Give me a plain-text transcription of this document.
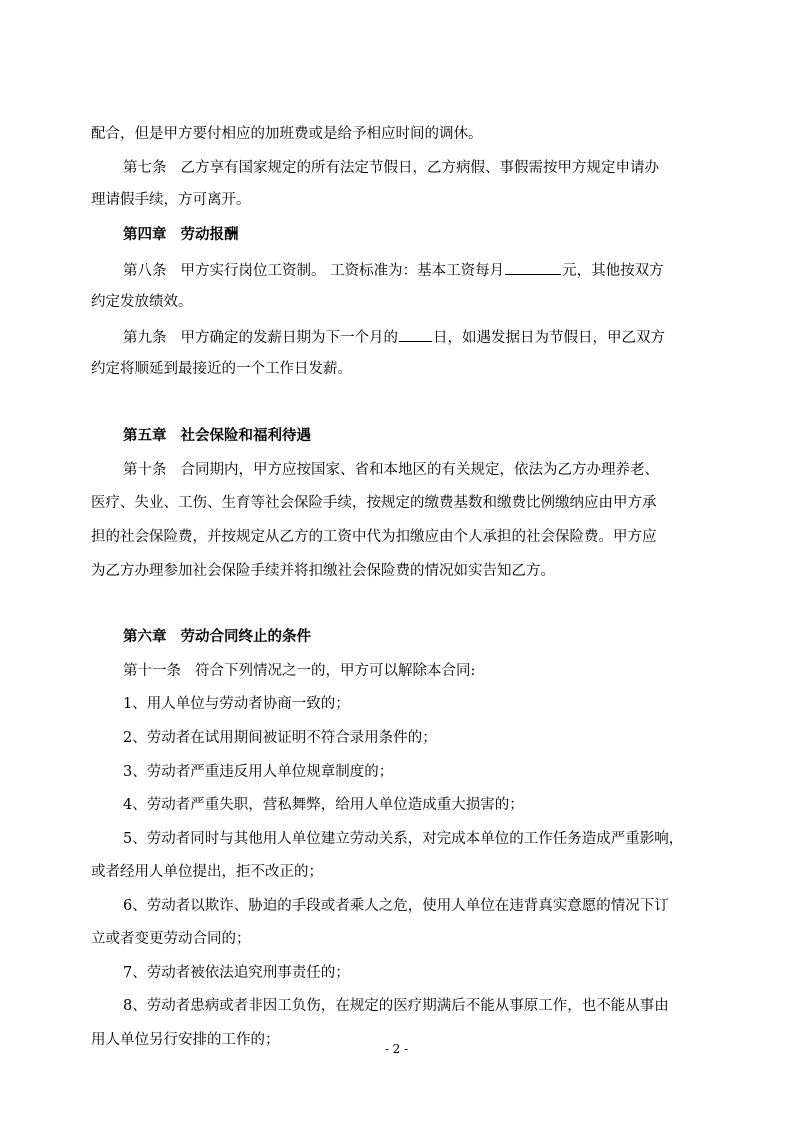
配合，但是甲方要付相应的加班费或是给予相应时间的调休。
第七条 乙方享有国家规定的所有法定节假日，乙方病假、事假需按甲方规定申请办
理请假手续，方可离开。
第四章 劳动报酬
第八条 甲方实行岗位工资制。 工资标准为：基本工资每月	元，其他按双方
约定发放绩效。
第九条 甲方确定的发薪日期为下一个月的 日，如遇发据日为节假日，甲乙双方
约定将顺延到最接近的一个工作日发薪。
第五章 社会保险和福利待遇
第十条 合同期内，甲方应按国家、省和本地区的有关规定，依法为乙方办理养老、
医疗、失业、工伤、生育等社会保险手续，按规定的缴费基数和缴费比例缴纳应由甲方承
担的社会保险费，并按规定从乙方的工资中代为扣缴应由个人承担的社会保险费。甲方应
为乙方办理参加社会保险手续并将扣缴社会保险费的情况如实告知乙方。
第六章 劳动合同终止的条件
第十一条 符合下列情况之一的，甲方可以解除本合同:
1、用人单位与劳动者协商一致的；
2、劳动者在试用期间被证明不符合录用条件的；
3、劳动者严重违反用人单位规章制度的；
4、劳动者严重失职，营私舞弊，给用人单位造成重大损害的；
5、劳动者同时与其他用人单位建立劳动关系，对完成本单位的工作任务造成严重影响，
或者经用人单位提出，拒不改正的；
6、劳动者以欺诈、胁迫的手段或者乘人之危，使用人单位在违背真实意愿的情况下订
立或者变更劳动合同的；
7、劳动者被依法追究刑事责任的；
8、劳动者患病或者非因工负伤，在规定的医疗期满后不能从事原工作，也不能从事由
用人单位另行安排的工作的；
- 2 -
